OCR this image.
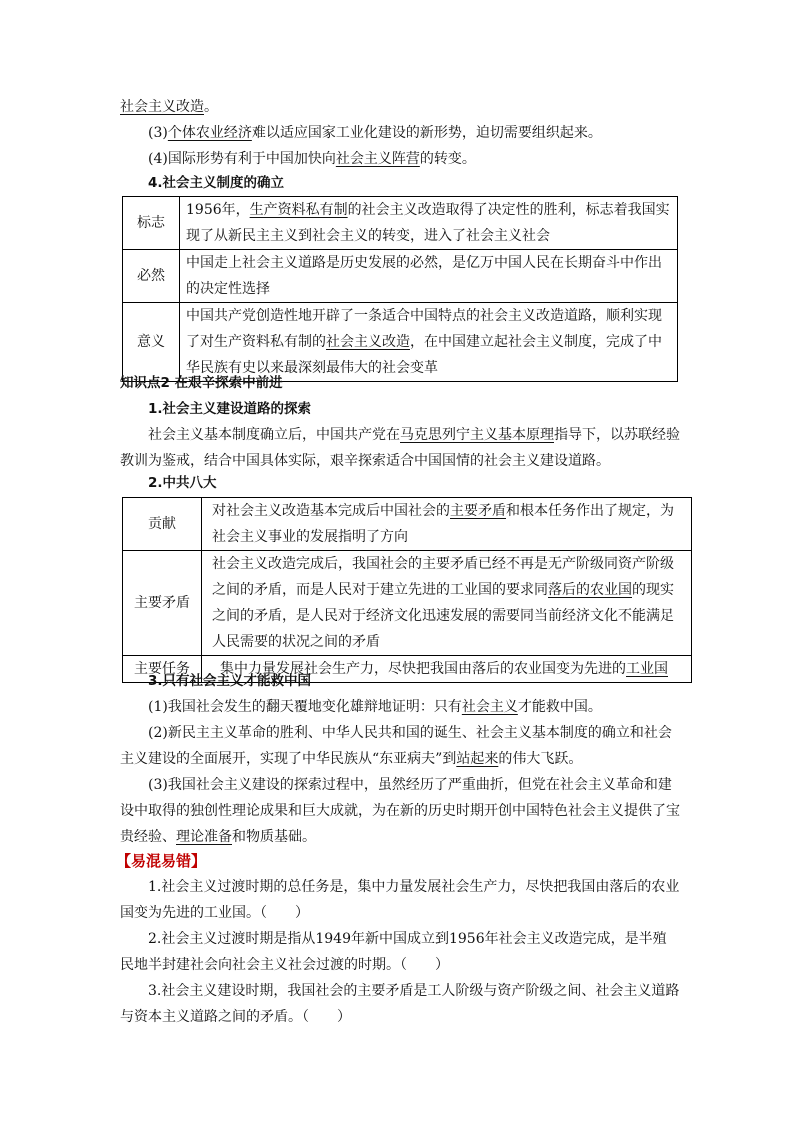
社会主义改造。

(3)个体农业经济难以适应国家工业化建设的新形势，迫切需要组织起来。

(4)国际形势有利于中国加快向社会主义阵营的转变。

4.社会主义制度的确立

标志	1956年，生产资料私有制的社会主义改造取得了决定性的胜利，标志着我国实现了从新民主主义到社会主义的转变，进入了社会主义社会
必然	中国走上社会主义道路是历史发展的必然，是亿万中国人民在长期奋斗中作出的决定性选择
意义	中国共产党创造性地开辟了一条适合中国特点的社会主义改造道路，顺利实现了对生产资料私有制的社会主义改造，在中国建立起社会主义制度，完成了中华民族有史以来最深刻最伟大的社会变革

知识点2 在艰辛探索中前进

1.社会主义建设道路的探索

社会主义基本制度确立后，中国共产党在马克思列宁主义基本原理指导下，以苏联经验教训为鉴戒，结合中国具体实际，艰辛探索适合中国国情的社会主义建设道路。

2.中共八大

贡献	对社会主义改造基本完成后中国社会的主要矛盾和根本任务作出了规定，为社会主义事业的发展指明了方向
主要矛盾	社会主义改造完成后，我国社会的主要矛盾已经不再是无产阶级同资产阶级之间的矛盾，而是人民对于建立先进的工业国的要求同落后的农业国的现实之间的矛盾，是人民对于经济文化迅速发展的需要同当前经济文化不能满足人民需要的状况之间的矛盾
主要任务	集中力量发展社会生产力，尽快把我国由落后的农业国变为先进的工业国

3.只有社会主义才能救中国

(1)我国社会发生的翻天覆地变化雄辩地证明：只有社会主义才能救中国。

(2)新民主主义革命的胜利、中华人民共和国的诞生、社会主义基本制度的确立和社会主义建设的全面展开，实现了中华民族从“东亚病夫”到站起来的伟大飞跃。

(3)我国社会主义建设的探索过程中，虽然经历了严重曲折，但党在社会主义革命和建设中取得的独创性理论成果和巨大成就，为在新的历史时期开创中国特色社会主义提供了宝贵经验、理论准备和物质基础。

【易混易错】

1.社会主义过渡时期的总任务是，集中力量发展社会生产力，尽快把我国由落后的农业国变为先进的工业国。（　　）

2.社会主义过渡时期是指从1949年新中国成立到1956年社会主义改造完成，是半殖民地半封建社会向社会主义社会过渡的时期。（　　）

3.社会主义建设时期，我国社会的主要矛盾是工人阶级与资产阶级之间、社会主义道路与资本主义道路之间的矛盾。（　　）
